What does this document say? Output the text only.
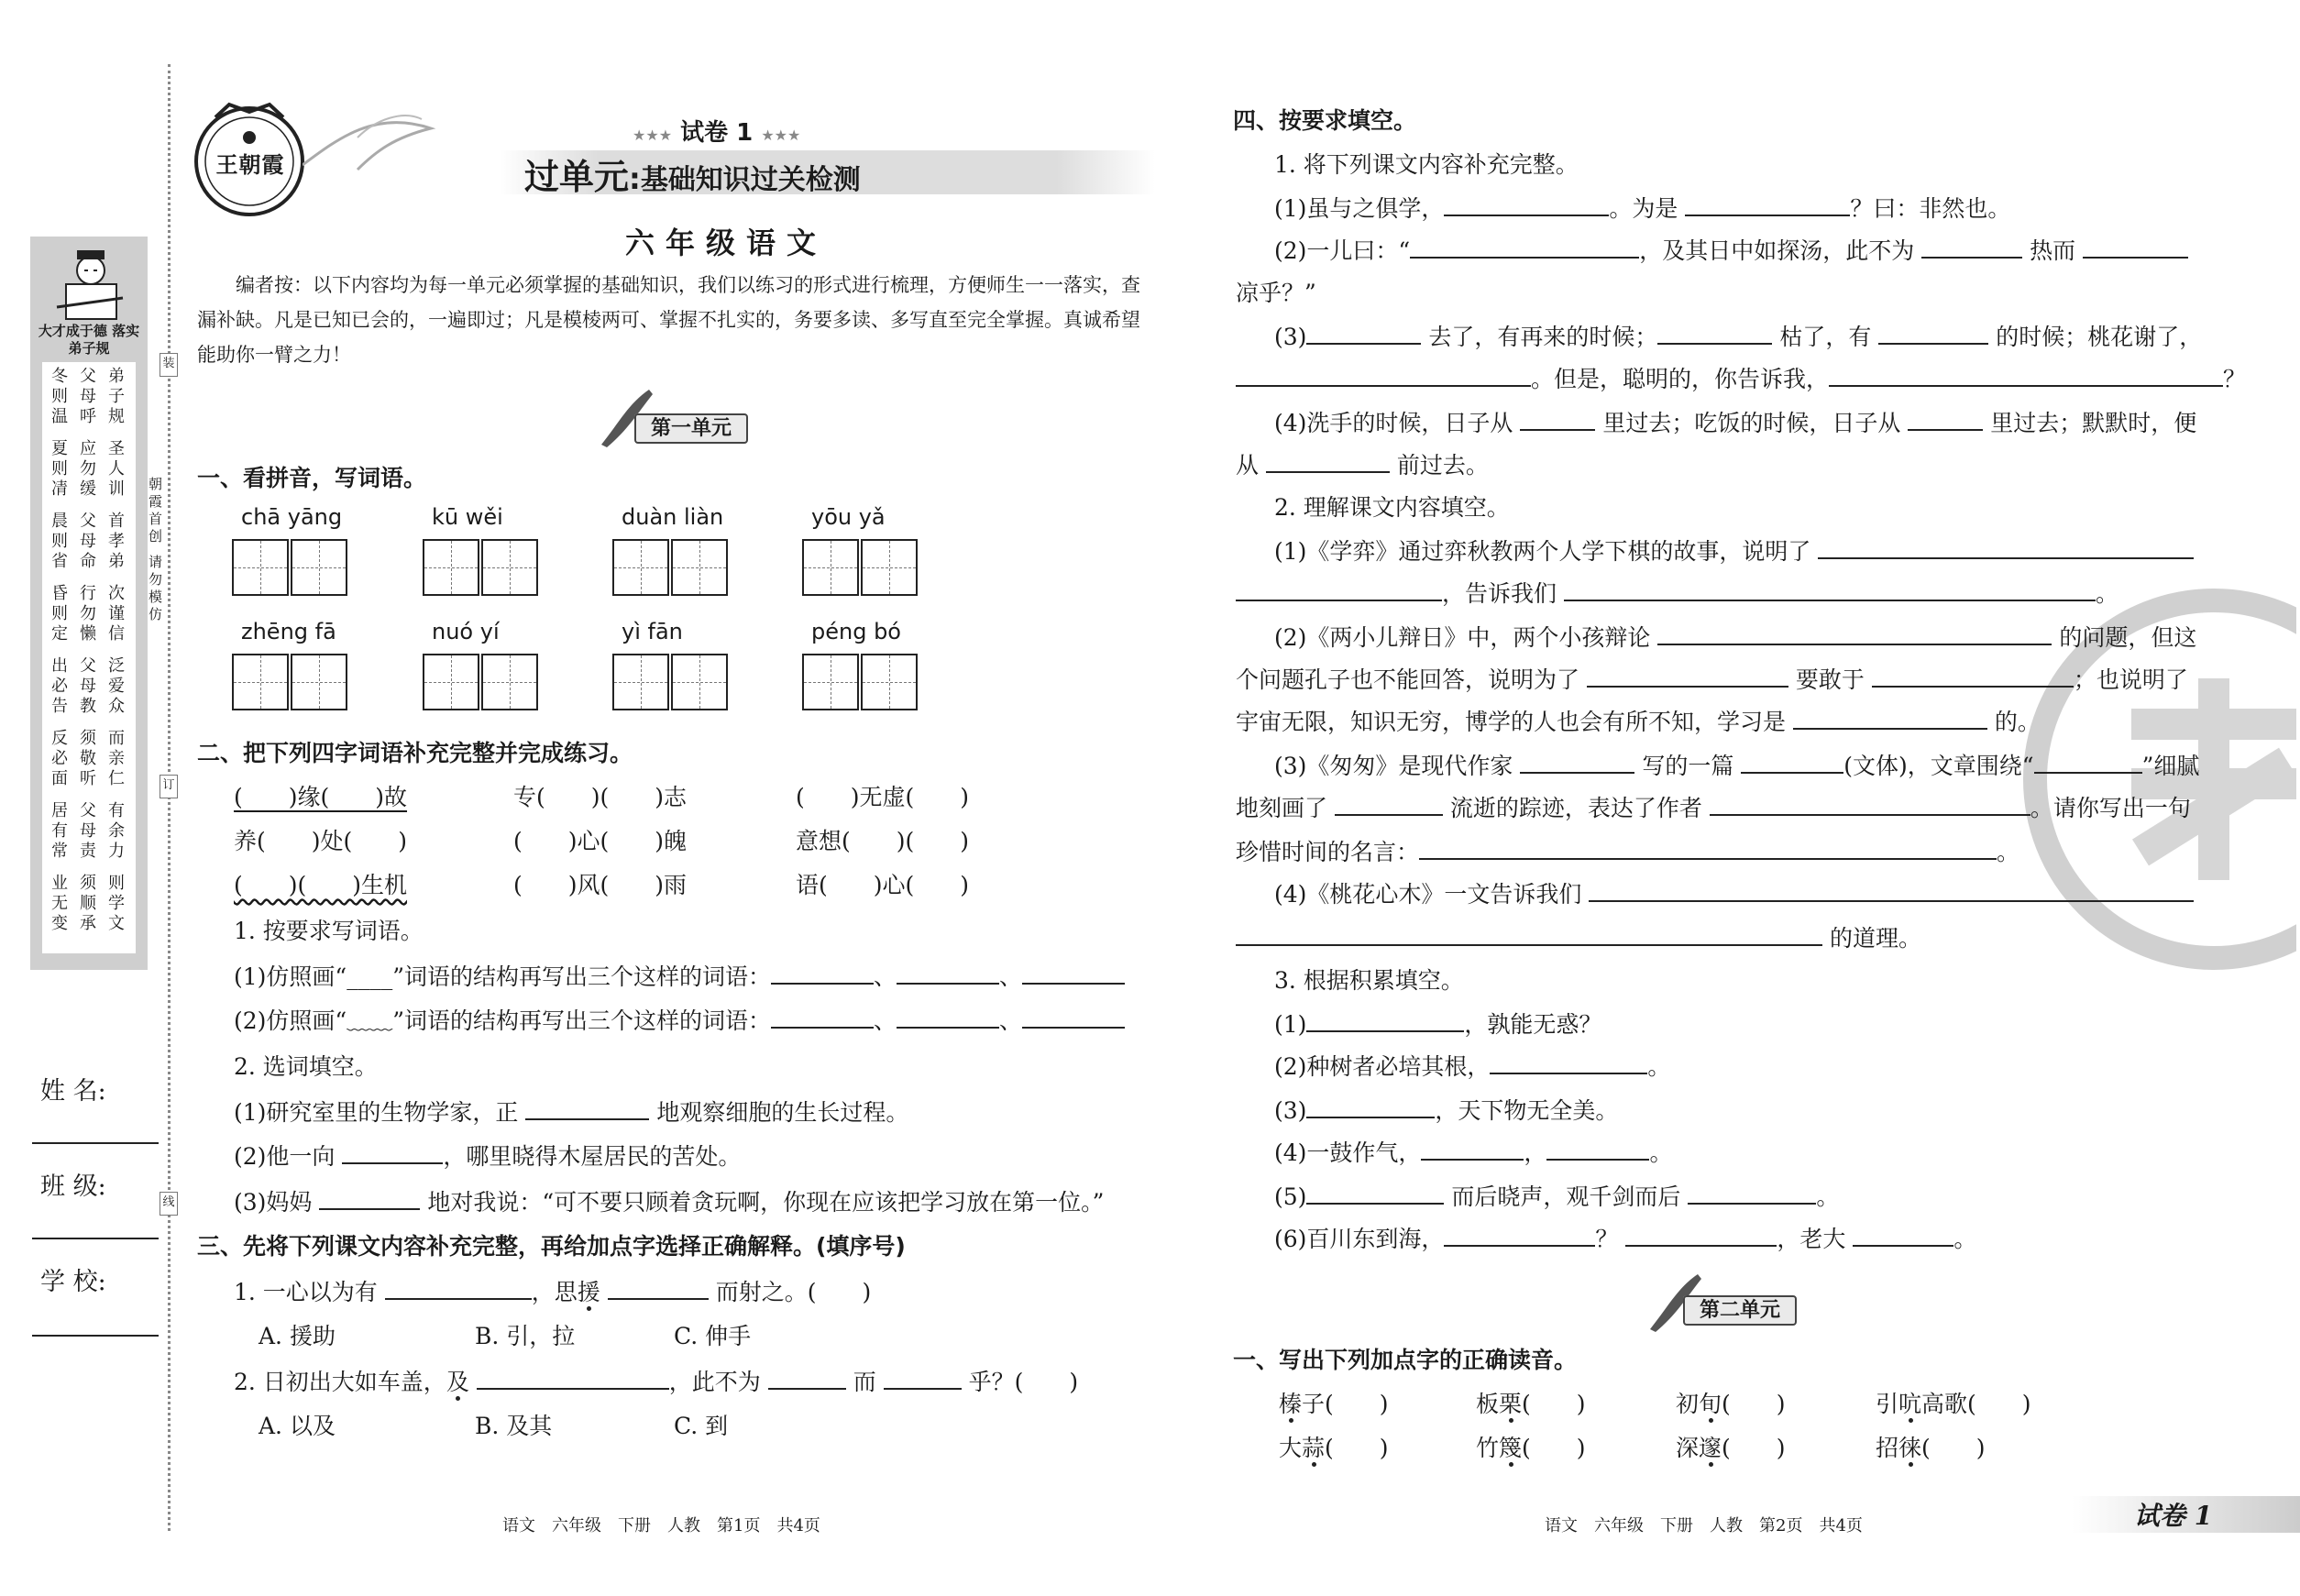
大才成于德 落实弟子规
冬则温 父母呼 弟子规
夏则凊 应勿缓 圣人训
晨则省 父母命 首孝弟
昏则定 行勿懒 次谨信
出必告 父母教 泛爱众
反必面 须敬听 而亲仁
居有常 父母责 有余力
业无变 须顺承 则学文
朝霞首创 请勿模仿
装
订
线
姓 名:
班 级:
学 校:
王朝霞
★★★ 试卷 1 ★★★
过单元:基础知识过关检测
六年级语文
编者按：以下内容均为每一单元必须掌握的基础知识，我们以练习的形式进行梳理，方便师生一一落实，查漏补缺。凡是已知已会的，一遍即过；凡是模棱两可、掌握不扎实的，务要多读、多写直至完全掌握。真诚希望能助你一臂之力！
第一单元
一、看拼音，写词语。
chā yāng	kū wěi	duàn liàn	yōu yǎ
zhēng fā	nuó yí	yì fān	péng bó
二、把下列四字词语补充完整并完成练习。
(　　)缘(　　)故	专(　　)(　　)志	(　　)无虚(　　)
养(　　)处(　　)	(　　)心(　　)魄	意想(　　)(　　)
(　　)(　　)生机	(　　)风(　　)雨	语(　　)心(　　)
1. 按要求写词语。
(1)仿照画“____”词语的结构再写出三个这样的词语：	、	、
(2)仿照画“﹏﹏”词语的结构再写出三个这样的词语：	、	、
2. 选词填空。
(1)研究室里的生物学家，正	地观察细胞的生长过程。
(2)他一向	，哪里晓得木屋居民的苦处。
(3)妈妈	地对我说：“可不要只顾着贪玩啊，你现在应该把学习放在第一位。”
三、先将下列课文内容补充完整，再给加点字选择正确解释。(填序号)
1. 一心以为有	，思援	而射之。(　　)
A. 援助	B. 引，拉	C. 伸手
2. 日初出大如车盖，及	，此不为	而	乎？(　　)
A. 以及	B. 及其	C. 到
语文　六年级　下册　人教　第1页　共4页
四、按要求填空。
1. 将下列课文内容补充完整。
(1)虽与之俱学，	。为是	？曰：非然也。
(2)一儿曰：“	，及其日中如探汤，此不为	热而
凉乎？”
(3)	去了，有再来的时候；	枯了，有	的时候；桃花谢了，
。但是，聪明的，你告诉我，	？
(4)洗手的时候，日子从	里过去；吃饭的时候，日子从	里过去；默默时，便
从	前过去。
2. 理解课文内容填空。
(1)《学弈》通过弈秋教两个人学下棋的故事，说明了
，告诉我们	。
(2)《两小儿辩日》中，两个小孩辩论	的问题，但这
个问题孔子也不能回答，说明为了	要敢于	；也说明了
宇宙无限，知识无穷，博学的人也会有所不知，学习是	的。
(3)《匆匆》是现代作家	写的一篇	(文体)，文章围绕“	”细腻
地刻画了	流逝的踪迹，表达了作者	。请你写出一句
珍惜时间的名言：	。
(4)《桃花心木》一文告诉我们
的道理。
3. 根据积累填空。
(1)	，孰能无惑？
(2)种树者必培其根，	。
(3)	，天下物无全美。
(4)一鼓作气，	，	。
(5)	而后晓声，观千剑而后	。
(6)百川东到海，	？	，老大	。
第二单元
一、写出下列加点字的正确读音。
榛子(　　)	板栗(　　)	初旬(　　)	引吭高歌(　　)
大蒜(　　)	竹篾(　　)	深邃(　　)	招徕(　　)
语文　六年级　下册　人教　第2页　共4页	试卷 1
